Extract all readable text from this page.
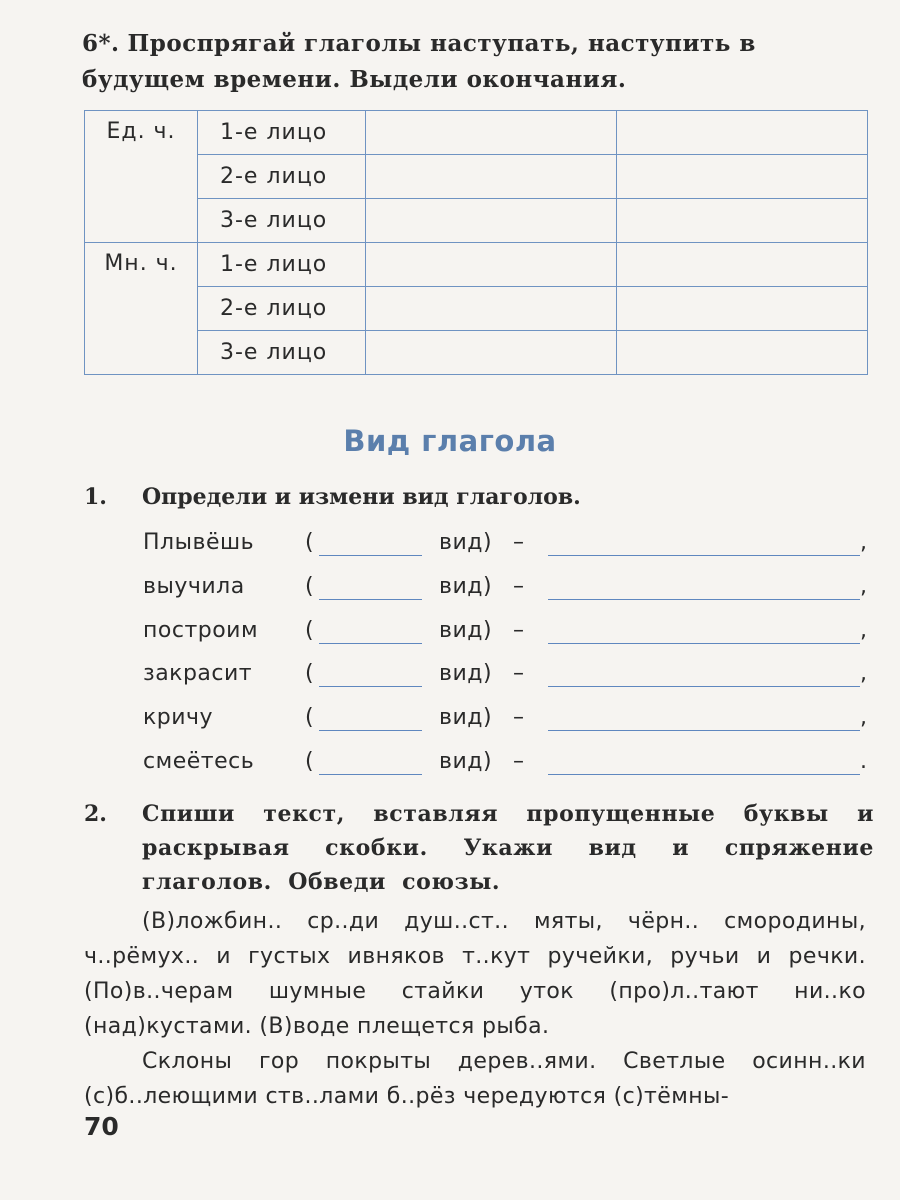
6*. Проспрягай глаголы наступать, наступить в будущем времени. Выдели окончания.
Ед. ч.	1-е лицо		
	2-е лицо		
	3-е лицо		
Мн. ч.	1-е лицо		
	2-е лицо		
	3-е лицо		
Вид глагола
1. Определи и измени вид глаголов.
Плывёшь (	вид) –	,
выучила	(	вид) –	,
построим (	вид) –	,
закрасит (	вид) –	,
кричу	(	вид) –	,
смеётесь (	вид) –	.
2. Спиши текст, вставляя пропущенные буквы и раскрывая скобки. Укажи вид и спряжение глаголов. Обведи союзы.

(В)ложбин.. ср..ди душ..ст.. мяты, чёрн.. смородины, ч..рёмух.. и густых ивняков т..кут ручейки, ручьи и речки. (По)в..черам шумные стайки уток (про)л..тают ни..ко (над)кустами. (В)воде плещется рыба.

Склоны гор покрыты дерев..ями. Светлые осинн..ки (с)б..леющими ств..лами б..рёз чередуются (с)тёмны-

70
